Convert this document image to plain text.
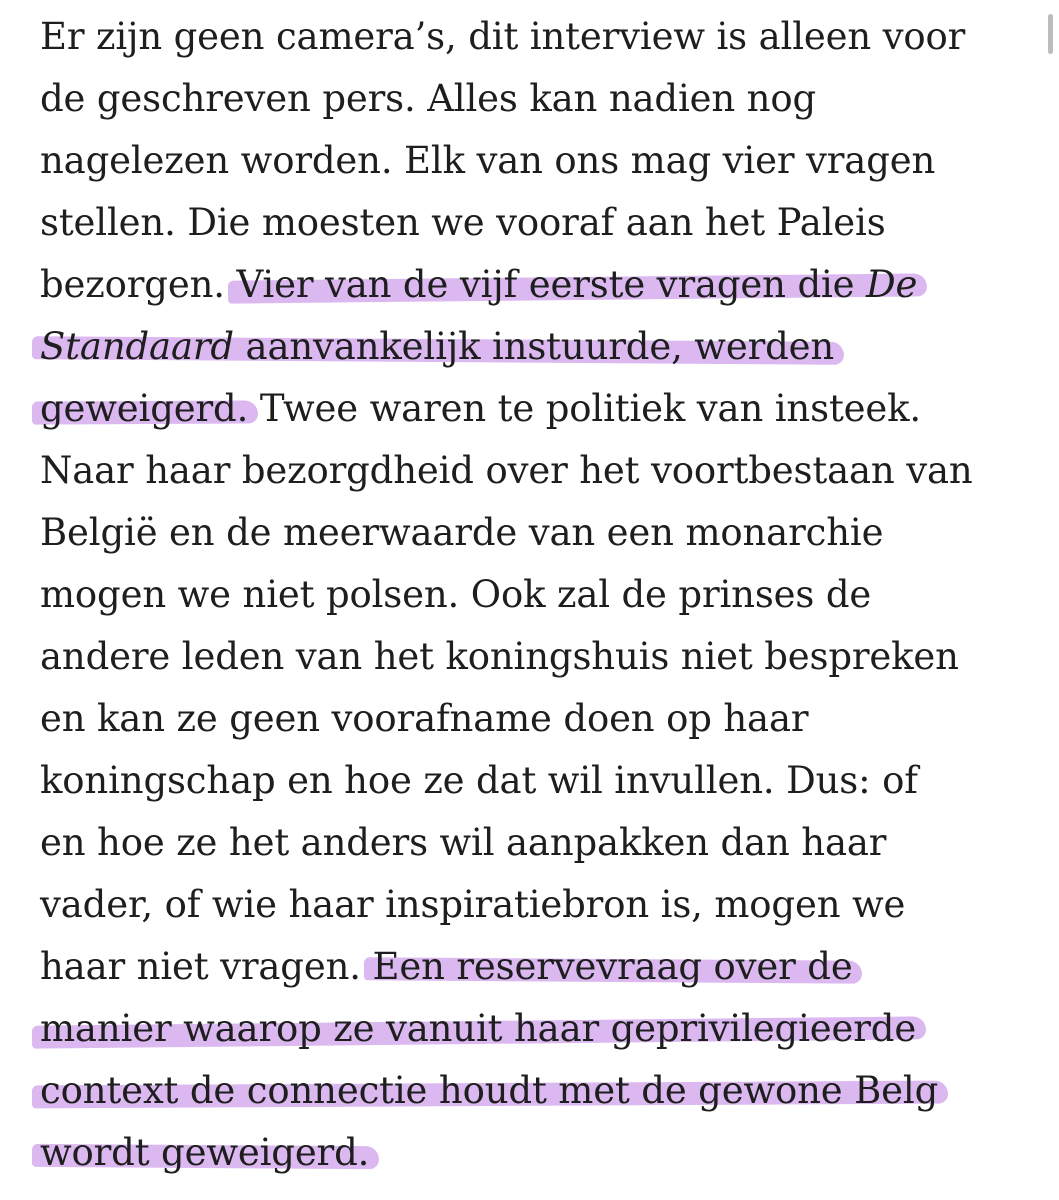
Er zijn geen camera’s, dit interview is alleen voor
de geschreven pers. Alles kan nadien nog
nagelezen worden. Elk van ons mag vier vragen
stellen. Die moesten we vooraf aan het Paleis
bezorgen. Vier van de vijf eerste vragen die De
Standaard aanvankelijk instuurde, werden
geweigerd. Twee waren te politiek van insteek.
Naar haar bezorgdheid over het voortbestaan van
België en de meerwaarde van een monarchie
mogen we niet polsen. Ook zal de prinses de
andere leden van het koningshuis niet bespreken
en kan ze geen voorafname doen op haar
koningschap en hoe ze dat wil invullen. Dus: of
en hoe ze het anders wil aanpakken dan haar
vader, of wie haar inspiratiebron is, mogen we
haar niet vragen. Een reservevraag over de
manier waarop ze vanuit haar geprivilegieerde
context de connectie houdt met de gewone Belg
wordt geweigerd.
